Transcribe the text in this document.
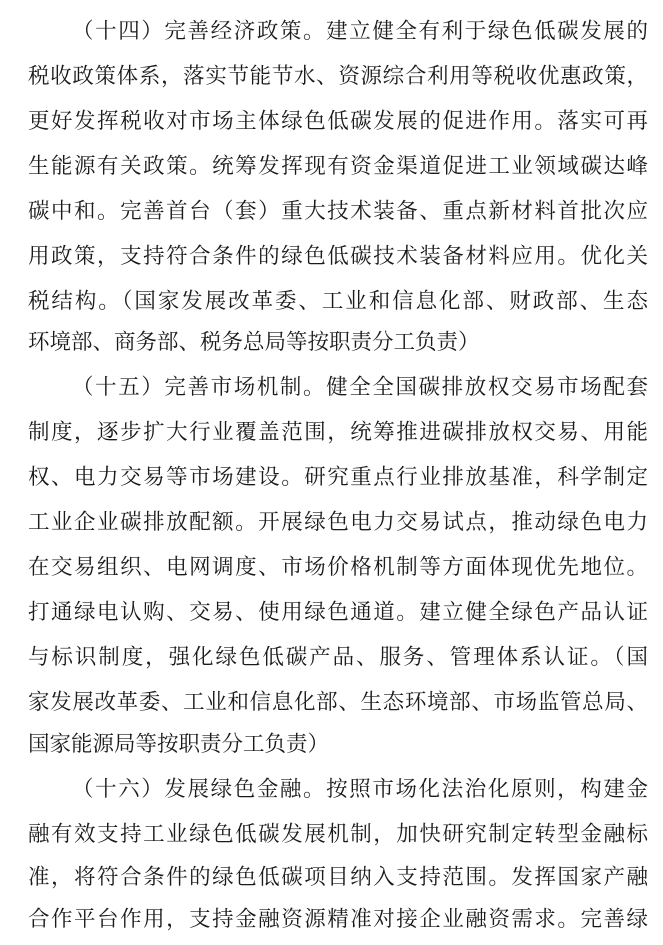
（十四）完善经济政策。建立健全有利于绿色低碳发展的
税收政策体系，落实节能节水、资源综合利用等税收优惠政策，
更好发挥税收对市场主体绿色低碳发展的促进作用。落实可再
生能源有关政策。统筹发挥现有资金渠道促进工业领域碳达峰
碳中和。完善首台（套）重大技术装备、重点新材料首批次应
用政策，支持符合条件的绿色低碳技术装备材料应用。优化关
税结构。（国家发展改革委、工业和信息化部、财政部、生态
环境部、商务部、税务总局等按职责分工负责）
（十五）完善市场机制。健全全国碳排放权交易市场配套
制度，逐步扩大行业覆盖范围，统筹推进碳排放权交易、用能
权、电力交易等市场建设。研究重点行业排放基准，科学制定
工业企业碳排放配额。开展绿色电力交易试点，推动绿色电力
在交易组织、电网调度、市场价格机制等方面体现优先地位。
打通绿电认购、交易、使用绿色通道。建立健全绿色产品认证
与标识制度，强化绿色低碳产品、服务、管理体系认证。（国
家发展改革委、工业和信息化部、生态环境部、市场监管总局、
国家能源局等按职责分工负责）
（十六）发展绿色金融。按照市场化法治化原则，构建金
融有效支持工业绿色低碳发展机制，加快研究制定转型金融标
准，将符合条件的绿色低碳项目纳入支持范围。发挥国家产融
合作平台作用，支持金融资源精准对接企业融资需求。完善绿
